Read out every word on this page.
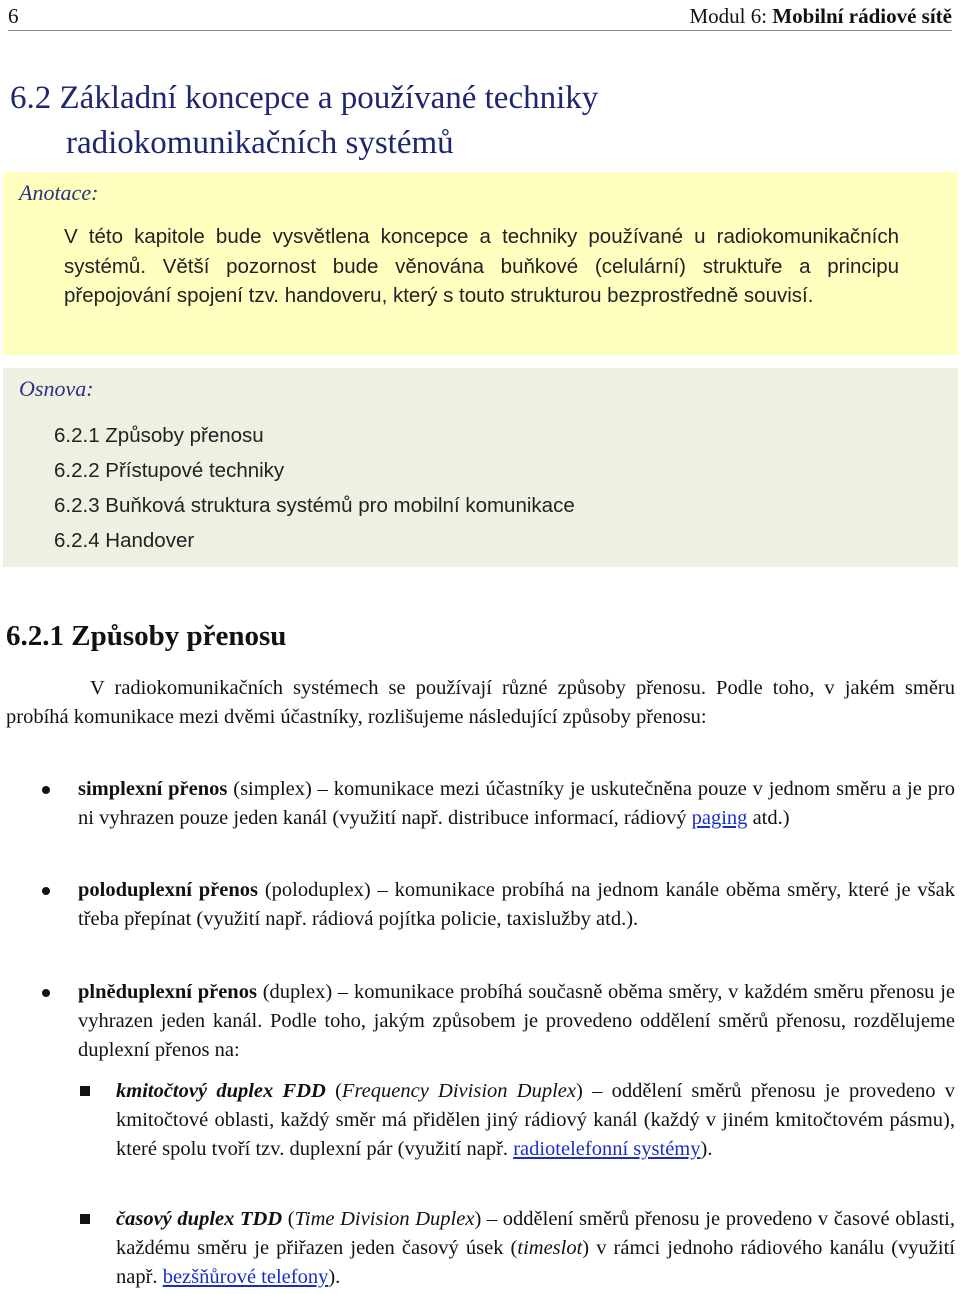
6	Modul 6: Mobilní rádiové sítě
6.2 Základní koncepce a používané techniky
radiokomunikačních systémů
Anotace:
V této kapitole bude vysvětlena koncepce a techniky používané u radiokomunikačních systémů. Větší pozornost bude věnována buňkové (celulární) struktuře a principu přepojování spojení tzv. handoveru, který s touto strukturou bezprostředně souvisí.
Osnova:
6.2.1 Způsoby přenosu
6.2.2 Přístupové techniky
6.2.3 Buňková struktura systémů pro mobilní komunikace
6.2.4 Handover
6.2.1 Způsoby přenosu
V radiokomunikačních systémech se používají různé způsoby přenosu. Podle toho, v jakém směru probíhá komunikace mezi dvěmi účastníky, rozlišujeme následující způsoby přenosu:
simplexní přenos (simplex) – komunikace mezi účastníky je uskutečněna pouze v jednom směru a je pro ni vyhrazen pouze jeden kanál (využití např. distribuce informací, rádiový paging atd.)
poloduplexní přenos (poloduplex) – komunikace probíhá na jednom kanále oběma směry, které je však třeba přepínat (využití např. rádiová pojítka policie, taxislužby atd.).
plněduplexní přenos (duplex) – komunikace probíhá současně oběma směry, v každém směru přenosu je vyhrazen jeden kanál. Podle toho, jakým způsobem je provedeno oddělení směrů přenosu, rozdělujeme duplexní přenos na:
kmitočtový duplex FDD (Frequency Division Duplex) – oddělení směrů přenosu je provedeno v kmitočtové oblasti, každý směr má přidělen jiný rádiový kanál (každý v jiném kmitočtovém pásmu), které spolu tvoří tzv. duplexní pár (využití např. radiotelefonní systémy).
časový duplex TDD (Time Division Duplex) – oddělení směrů přenosu je provedeno v časové oblasti, každému směru je přiřazen jeden časový úsek (timeslot) v rámci jednoho rádiového kanálu (využití např. bezšňůrové telefony).
